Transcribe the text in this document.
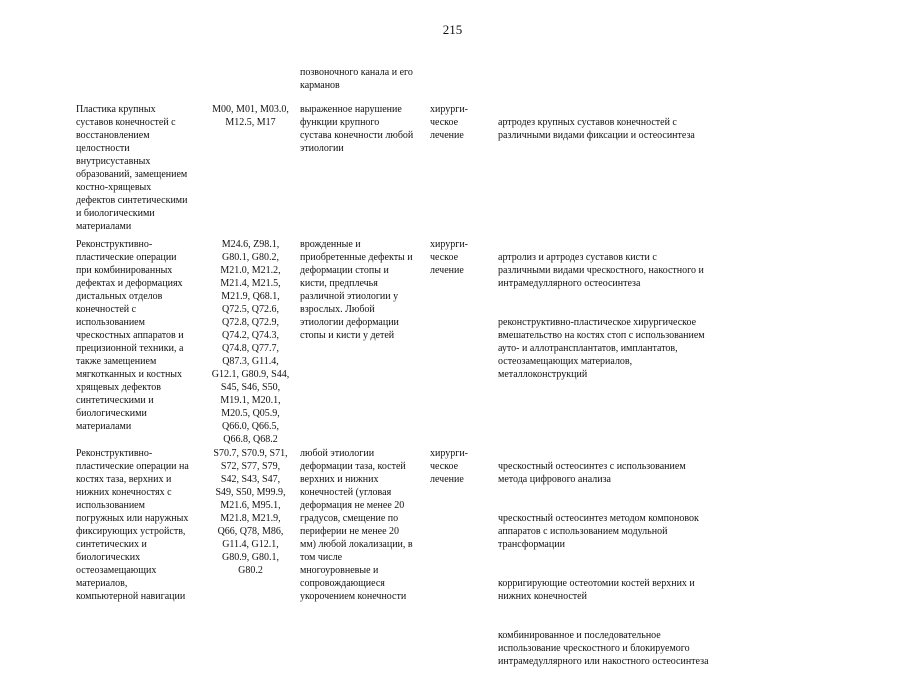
215
позвоночного канала и его
карманов
Пластика крупных
суставов конечностей с
восстановлением
целостности
внутрисуставных
образований, замещением
костно-хрящевых
дефектов синтетическими
и биологическими
материалами
M00, M01, M03.0,
M12.5, M17
выраженное нарушение
функции крупного
сустава конечности любой
этиологии
хирурги-
ческое
лечение

артродез крупных суставов конечностей с
различными видами фиксации и остеосинтеза

Реконструктивно-
пластические операции
при комбинированных
дефектах и деформациях
дистальных отделов
конечностей с
использованием
чрескостных аппаратов и
прецизионной техники, а
также замещением
мягкотканных и костных
хрящевых дефектов
синтетическими и
биологическими
материалами
M24.6, Z98.1,
G80.1, G80.2,
M21.0, M21.2,
M21.4, M21.5,
M21.9, Q68.1,
Q72.5, Q72.6,
Q72.8, Q72.9,
Q74.2, Q74.3,
Q74.8, Q77.7,
Q87.3, G11.4,
G12.1, G80.9, S44,
S45, S46, S50,
M19.1, M20.1,
M20.5, Q05.9,
Q66.0, Q66.5,
Q66.8, Q68.2
врожденные и
приобретенные дефекты и
деформации стопы и
кисти, предплечья
различной этиологии у
взрослых. Любой
этиологии деформации
стопы и кисти у детей
хирурги-
ческое
лечение

артролиз и артродез суставов кисти с
различными видами чрескостного, накостного и
интрамедуллярного остеосинтеза

реконструктивно-пластическое хирургическое
вмешательство на костях стоп с использованием
ауто- и аллотрансплантатов, имплантатов,
остеозамещающих материалов,
металлоконструкций

Реконструктивно-
пластические операции на
костях таза, верхних и
нижних конечностях с
использованием
погружных или наружных
фиксирующих устройств,
синтетических и
биологических
остеозамещающих
материалов,
компьютерной навигации
S70.7, S70.9, S71,
S72, S77, S79,
S42, S43, S47,
S49, S50, M99.9,
M21.6, M95.1,
M21.8, M21.9,
Q66, Q78, M86,
G11.4, G12.1,
G80.9, G80.1,
G80.2
любой этиологии
деформации таза, костей
верхних и нижних
конечностей (угловая
деформация не менее 20
градусов, смещение по
периферии не менее 20
мм) любой локализации, в
том числе
многоуровневые и
сопровождающиеся
укорочением конечности
хирурги-
ческое
лечение

чрескостный остеосинтез с использованием
метода цифрового анализа

чрескостный остеосинтез методом компоновок
аппаратов с использованием модульной
трансформации

корригирующие остеотомии костей верхних и
нижних конечностей

комбинированное и последовательное
использование чрескостного и блокируемого
интрамедуллярного или накостного остеосинтеза
